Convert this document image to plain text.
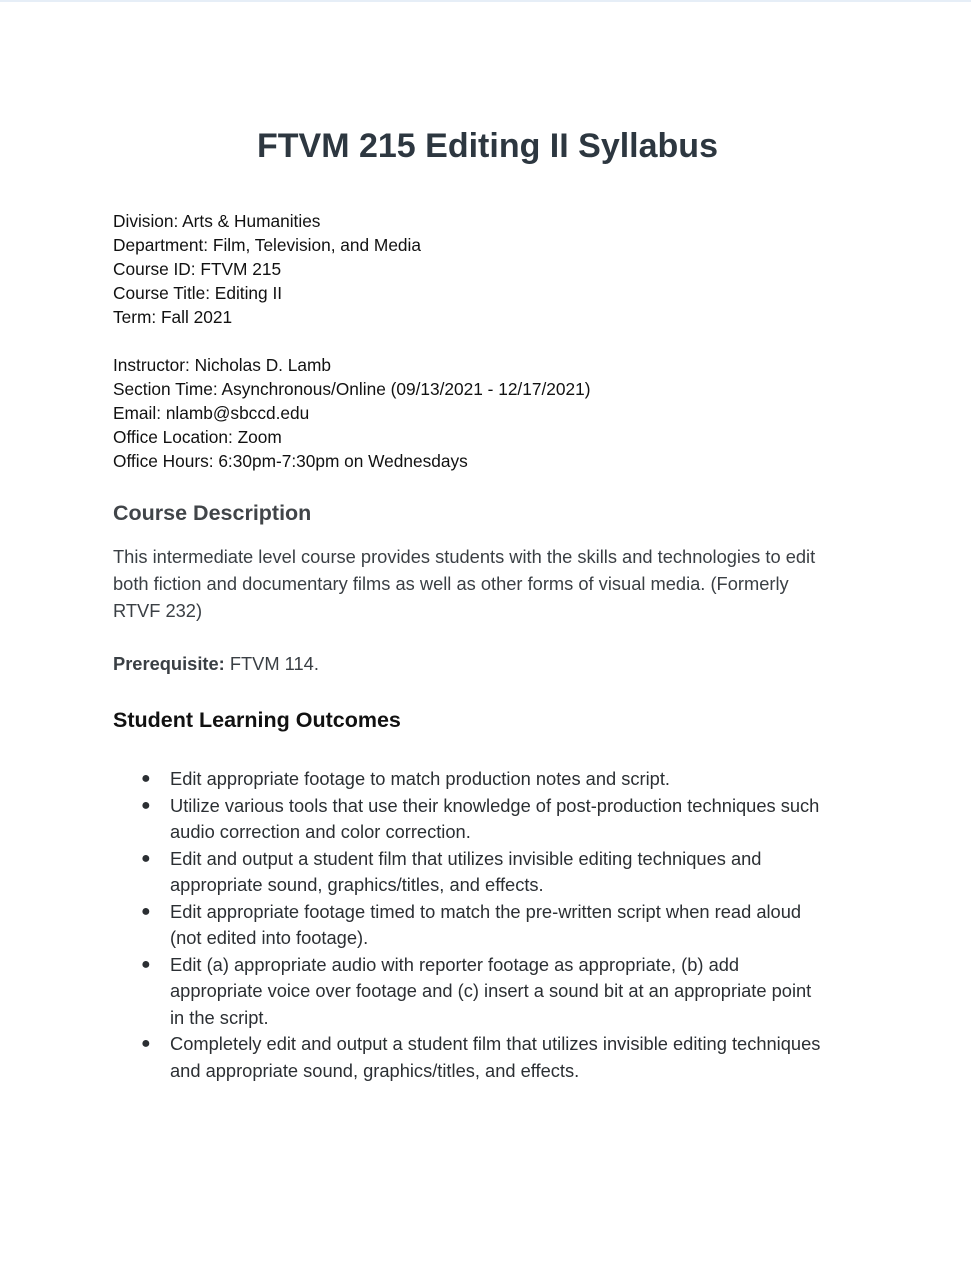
FTVM 215 Editing II Syllabus
Division: Arts & Humanities
Department: Film, Television, and Media
Course ID: FTVM 215
Course Title: Editing II
Term: Fall 2021
Instructor: Nicholas D. Lamb
Section Time: Asynchronous/Online (09/13/2021 - 12/17/2021)
Email: nlamb@sbccd.edu
Office Location: Zoom
Office Hours: 6:30pm-7:30pm on Wednesdays
Course Description

This intermediate level course provides students with the skills and technologies to edit
both fiction and documentary films as well as other forms of visual media. (Formerly
RTVF 232)

Prerequisite: FTVM 114.

Student Learning Outcomes
● Edit appropriate footage to match production notes and script.
● Utilize various tools that use their knowledge of post-production techniques such
audio correction and color correction.
● Edit and output a student film that utilizes invisible editing techniques and
appropriate sound, graphics/titles, and effects.
● Edit appropriate footage timed to match the pre-written script when read aloud
(not edited into footage).
● Edit (a) appropriate audio with reporter footage as appropriate, (b) add
appropriate voice over footage and (c) insert a sound bit at an appropriate point
in the script.
● Completely edit and output a student film that utilizes invisible editing techniques
and appropriate sound, graphics/titles, and effects.
